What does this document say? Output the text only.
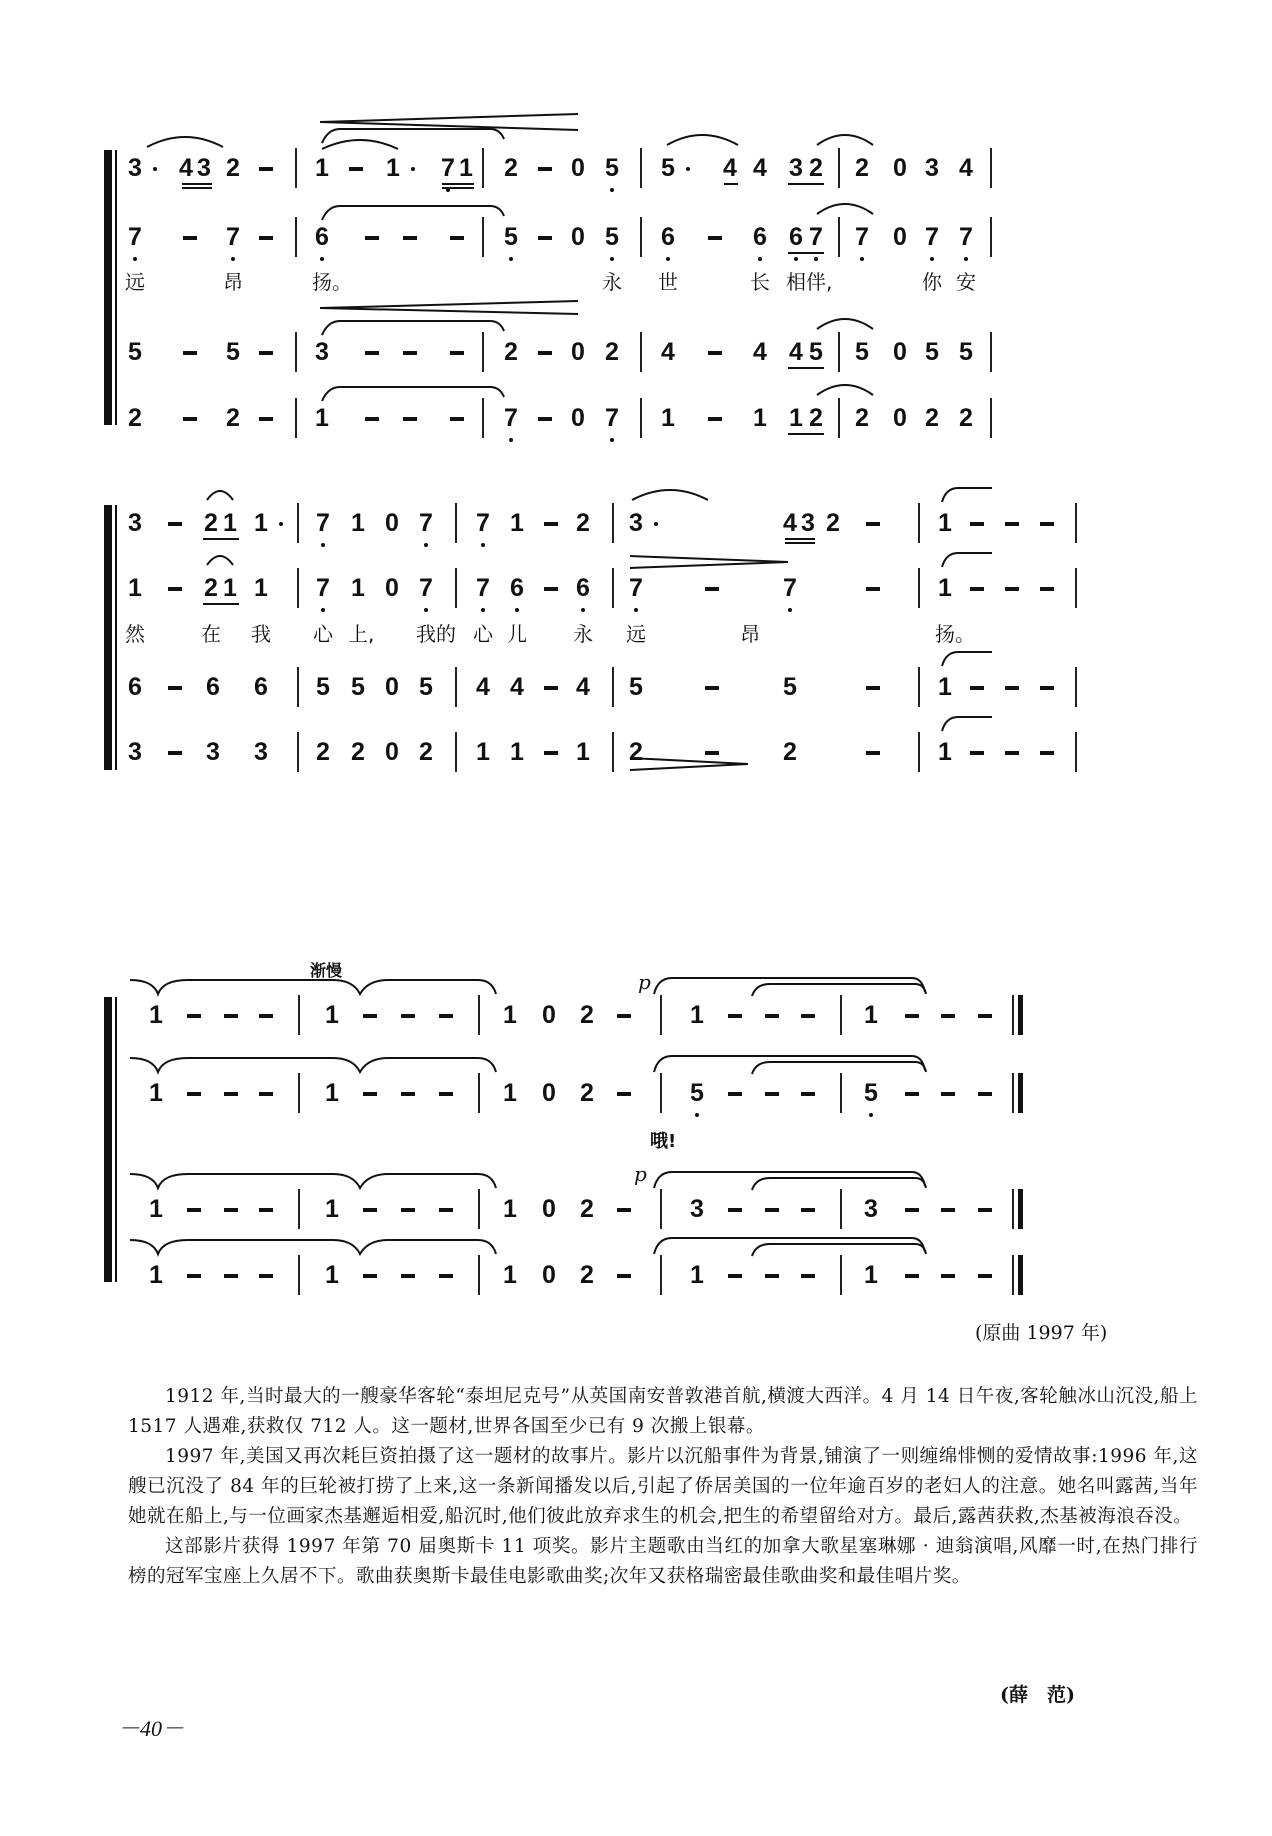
3 4 3 2	1 1 7 1 2 0 5 5 4 4 3 2 2 0 3 4
7	7	6	5 0 5 6	6 6 7 7 0 7 7
远	昂	扬。	永 世	长 相伴,	你 安
5	5	3	2 0 2 4	4 4 5 5 0 5 5
2	2	1	7 0 7 1	1 1 2 2 0 2 2
3 2 1 1 7 1 0 7 7 1 2 3	4 3 2	1
1 2 1 1 7 1 0 7 7 6 6 7	7	1
然	在 我 心 上, 我的 心 儿 永 远	昂	扬。
6	6 6 5 5 0 5 4 4 4 5	5	1
3	3 3 2 2 0 2 1 1 1 2	2	1
渐慢	p
p
1	1	1 0 2	1	1
1	1	1 0 2	5	5
哦!
1	1	1 0 2	3	3
1	1	1 0 2	1	1
(原曲 1997 年)

1912 年,当时最大的一艘豪华客轮“泰坦尼克号”从英国南安普敦港首航,横渡大西洋。4 月 14 日午夜,客轮触冰山沉没,船上 1517 人遇难,获救仅 712 人。这一题材,世界各国至少已有 9 次搬上银幕。

1997 年,美国又再次耗巨资拍摄了这一题材的故事片。影片以沉船事件为背景,铺演了一则缠绵悱恻的爱情故事:1996 年,这艘已沉没了 84 年的巨轮被打捞了上来,这一条新闻播发以后,引起了侨居美国的一位年逾百岁的老妇人的注意。她名叫露茜,当年她就在船上,与一位画家杰基邂逅相爱,船沉时,他们彼此放弃求生的机会,把生的希望留给对方。最后,露茜获救,杰基被海浪吞没。

这部影片获得 1997 年第 70 届奥斯卡 11 项奖。影片主题歌由当红的加拿大歌星塞琳娜 · 迪翁演唱,风靡一时,在热门排行榜的冠军宝座上久居不下。歌曲获奥斯卡最佳电影歌曲奖;次年又获格瑞密最佳歌曲奖和最佳唱片奖。

(薛　范)
－40－
